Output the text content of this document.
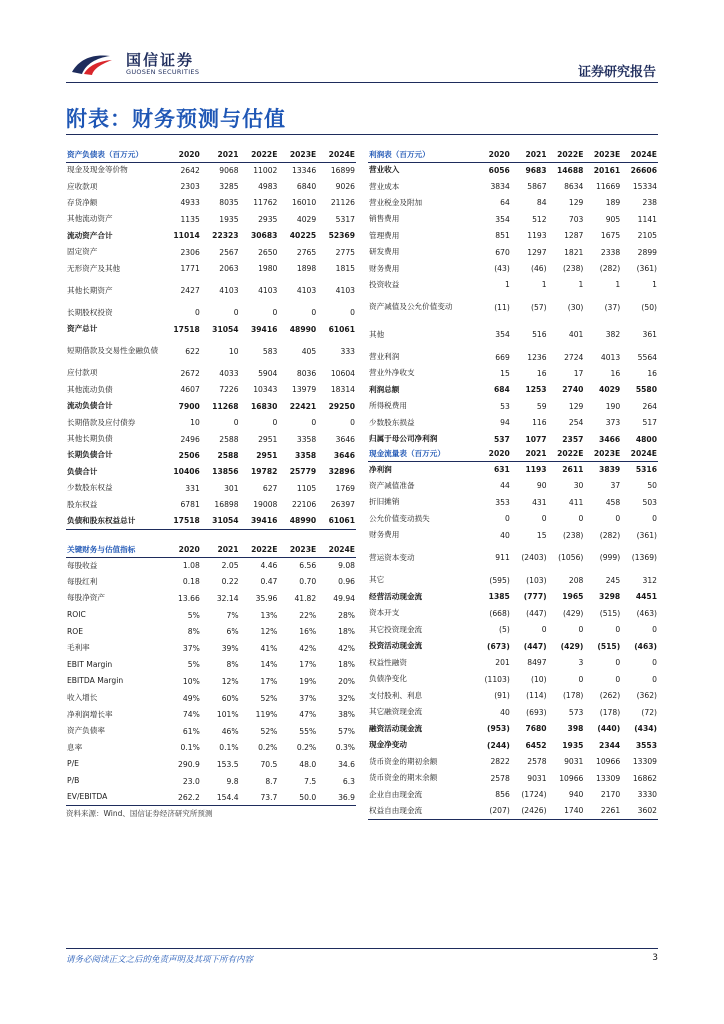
国信证券
GUOSEN SECURITIES	证券研究报告
附表：财务预测与估值
资产负债表（百万元）	2020	2021	2022E	2023E	2024E
现金及现金等价物	2642	9068	11002	13346	16899
应收款项	2303	3285	4983	6840	9026
存货净额	4933	8035	11762	16010	21126
其他流动资产	1135	1935	2935	4029	5317
流动资产合计	11014	22323	30683	40225	52369
固定资产	2306	2567	2650	2765	2775
无形资产及其他	1771	2063	1980	1898	1815
其他长期资产	2427	4103	4103	4103	4103
长期股权投资	0	0	0	0	0
资产总计	17518	31054	39416	48990	61061
短期借款及交易性金融负债	622	10	583	405	333
应付款项	2672	4033	5904	8036	10604
其他流动负债	4607	7226	10343	13979	18314
流动负债合计	7900	11268	16830	22421	29250
长期借款及应付债券	10	0	0	0	0
其他长期负债	2496	2588	2951	3358	3646
长期负债合计	2506	2588	2951	3358	3646
负债合计	10406	13856	19782	25779	32896
少数股东权益	331	301	627	1105	1769
股东权益	6781	16898	19008	22106	26397
负债和股东权益总计	17518	31054	39416	48990	61061
关键财务与估值指标	2020	2021	2022E	2023E	2024E
每股收益	1.08	2.05	4.46	6.56	9.08
每股红利	0.18	0.22	0.47	0.70	0.96
每股净资产	13.66	32.14	35.96	41.82	49.94
ROIC	5%	7%	13%	22%	28%
ROE	8%	6%	12%	16%	18%
毛利率	37%	39%	41%	42%	42%
EBIT Margin	5%	8%	14%	17%	18%
EBITDA Margin	10%	12%	17%	19%	20%
收入增长	49%	60%	52%	37%	32%
净利润增长率	74%	101%	119%	47%	38%
资产负债率	61%	46%	52%	55%	57%
息率	0.1%	0.1%	0.2%	0.2%	0.3%
P/E	290.9	153.5	70.5	48.0	34.6
P/B	23.0	9.8	8.7	7.5	6.3
EV/EBITDA	262.2	154.4	73.7	50.0	36.9
利润表（百万元）	2020	2021	2022E	2023E	2024E
营业收入	6056	9683	14688	20161	26606
营业成本	3834	5867	8634	11669	15334
营业税金及附加	64	84	129	189	238
销售费用	354	512	703	905	1141
管理费用	851	1193	1287	1675	2105
研发费用	670	1297	1821	2338	2899
财务费用	(43)	(46)	(238)	(282)	(361)
投资收益	1	1	1	1	1
资产减值及公允价值变动	(11)	(57)	(30)	(37)	(50)
其他	354	516	401	382	361
营业利润	669	1236	2724	4013	5564
营业外净收支	15	16	17	16	16
利润总额	684	1253	2740	4029	5580
所得税费用	53	59	129	190	264
少数股东损益	94	116	254	373	517
归属于母公司净利润	537	1077	2357	3466	4800
现金流量表（百万元）	2020	2021	2022E	2023E	2024E
净利润	631	1193	2611	3839	5316
资产减值准备	44	90	30	37	50
折旧摊销	353	431	411	458	503
公允价值变动损失	0	0	0	0	0
财务费用	40	15	(238)	(282)	(361)
营运资本变动	911	(2403)	(1056)	(999)	(1369)
其它	(595)	(103)	208	245	312
经营活动现金流	1385	(777)	1965	3298	4451
资本开支	(668)	(447)	(429)	(515)	(463)
其它投资现金流	(5)	0	0	0	0
投资活动现金流	(673)	(447)	(429)	(515)	(463)
权益性融资	201	8497	3	0	0
负债净变化	(1103)	(10)	0	0	0
支付股利、利息	(91)	(114)	(178)	(262)	(362)
其它融资现金流	40	(693)	573	(178)	(72)
融资活动现金流	(953)	7680	398	(440)	(434)
现金净变动	(244)	6452	1935	2344	3553
货币资金的期初余额	2822	2578	9031	10966	13309
货币资金的期末余额	2578	9031	10966	13309	16862
企业自由现金流	856	(1724)	940	2170	3330
权益自由现金流	(207)	(2426)	1740	2261	3602
资料来源：Wind、国信证券经济研究所预测
请务必阅读正文之后的免责声明及其项下所有内容	3
